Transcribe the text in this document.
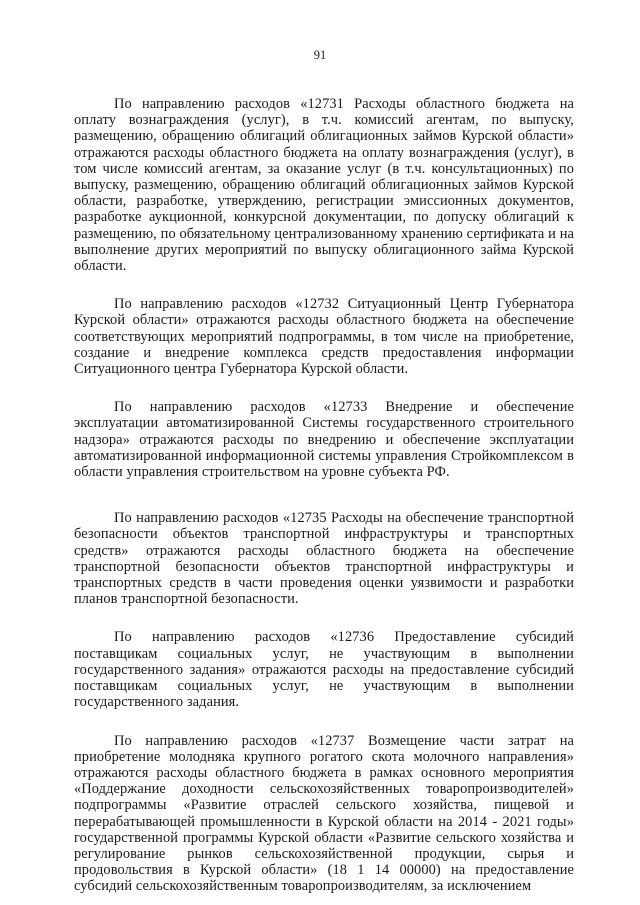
91

По направлению расходов «12731 Расходы областного бюджета на оплату вознаграждения (услуг), в т.ч. комиссий агентам, по выпуску, размещению, обращению облигаций облигационных займов Курской области» отражаются расходы областного бюджета на оплату вознаграждения (услуг), в том числе комиссий агентам, за оказание услуг (в т.ч. консультационных) по выпуску, размещению, обращению облигаций облигационных займов Курской области, разработке, утверждению, регистрации эмиссионных документов, разработке аукционной, конкурсной документации, по допуску облигаций к размещению, по обязательному централизованному хранению сертификата и на выполнение других мероприятий по выпуску облигационного займа Курской области.

По направлению расходов «12732 Ситуационный Центр Губернатора Курской области» отражаются расходы областного бюджета на обеспечение соответствующих мероприятий подпрограммы, в том числе на приобретение, создание и внедрение комплекса средств предоставления информации Ситуационного центра Губернатора Курской области.

По направлению расходов «12733 Внедрение и обеспечение эксплуатации автоматизированной Системы государственного строительного надзора» отражаются расходы по внедрению и обеспечение эксплуатации автоматизированной информационной системы управления Стройкомплексом в области управления строительством на уровне субъекта РФ.

По направлению расходов «12735 Расходы на обеспечение транспортной безопасности объектов транспортной инфраструктуры и транспортных средств» отражаются расходы областного бюджета на обеспечение транспортной безопасности объектов транспортной инфраструктуры и транспортных средств в части проведения оценки уязвимости и разработки планов транспортной безопасности.

По направлению расходов «12736 Предоставление субсидий поставщикам социальных услуг, не участвующим в выполнении государственного задания» отражаются расходы на предоставление субсидий поставщикам социальных услуг, не участвующим в выполнении государственного задания.

По направлению расходов «12737 Возмещение части затрат на приобретение молодняка крупного рогатого скота молочного направления» отражаются расходы областного бюджета в рамках основного мероприятия «Поддержание доходности сельскохозяйственных товаропроизводителей» подпрограммы «Развитие отраслей сельского хозяйства, пищевой и перерабатывающей промышленности в Курской области на 2014 - 2021 годы» государственной программы Курской области «Развитие сельского хозяйства и регулирование рынков сельскохозяйственной продукции, сырья и продовольствия в Курской области» (18 1 14 00000) на предоставление субсидий сельскохозяйственным товаропроизводителям, за исключением
